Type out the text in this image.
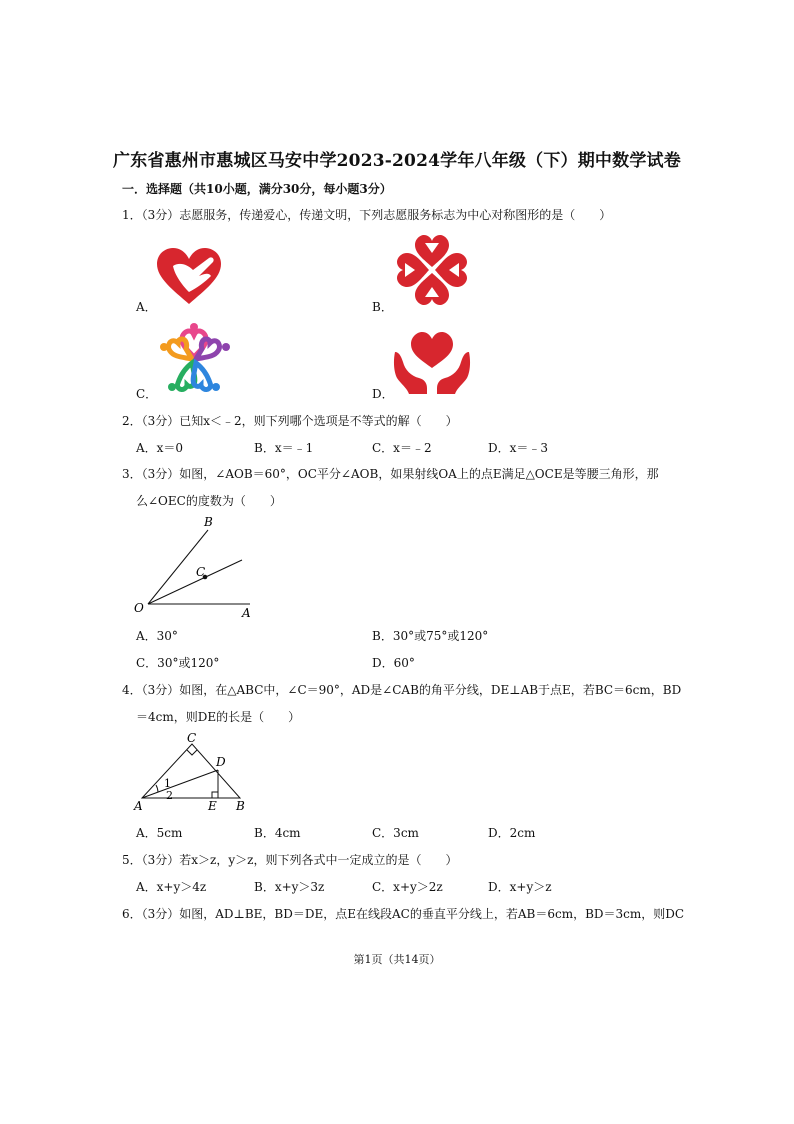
广东省惠州市惠城区马安中学2023-2024学年八年级（下）期中数学试卷
一．选择题（共10小题，满分30分，每小题3分）
1．（3分）志愿服务，传递爱心，传递文明，下列志愿服务标志为中心对称图形的是（　　）
A．	B．
C．	D．
2．（3分）已知x＜﹣2，则下列哪个选项是不等式的解（　　）
A．x＝0	B．x＝﹣1	C．x＝﹣2	D．x＝﹣3
3．（3分）如图，∠AOB＝60°，OC平分∠AOB，如果射线OA上的点E满足△OCE是等腰三角形，那
么∠OEC的度数为（　　）
B
C
O	A
A．30°	B．30°或75°或120°
C．30°或120°	D．60°
4．（3分）如图，在△ABC中，∠C＝90°，AD是∠CAB的角平分线，DE⊥AB于点E，若BC＝6cm，BD
＝4cm，则DE的长是（　　）
C
D
A	E B
1
2
A．5cm	B．4cm	C．3cm	D．2cm
5．（3分）若x＞z，y＞z，则下列各式中一定成立的是（　　）
A．x+y＞4z	B．x+y＞3z	C．x+y＞2z	D．x+y＞z
6．（3分）如图，AD⊥BE，BD＝DE，点E在线段AC的垂直平分线上，若AB＝6cm，BD＝3cm，则DC
第1页（共14页）
